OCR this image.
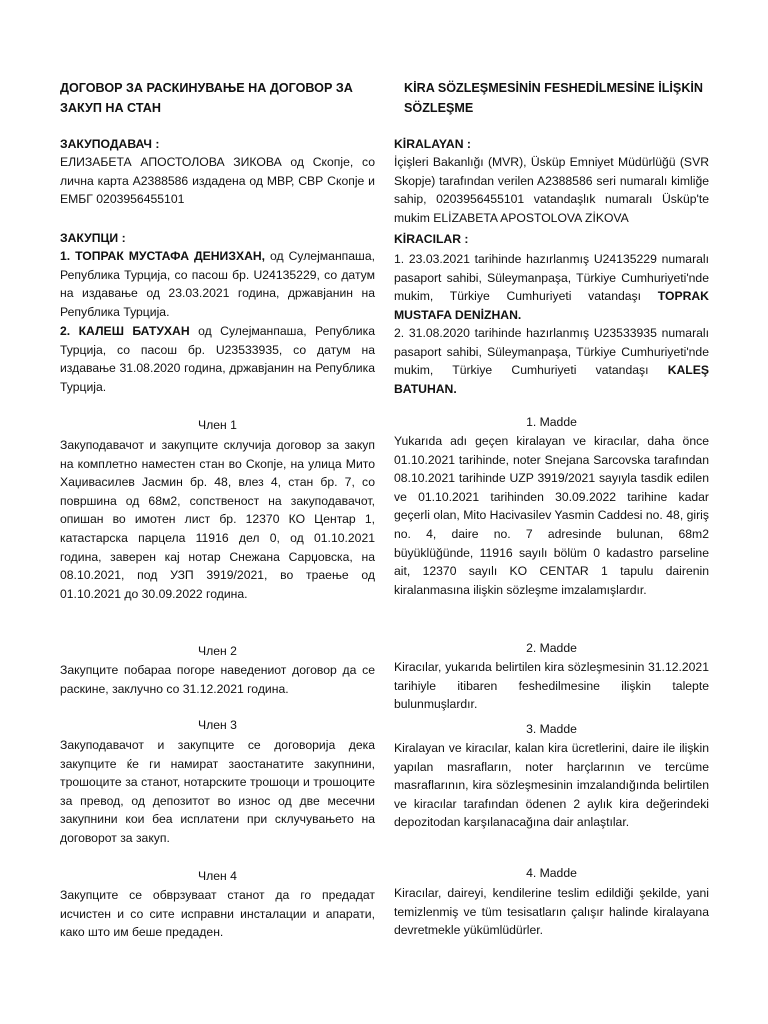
ДОГОВОР ЗА РАСКИНУВАЊЕ НА ДОГОВОР ЗА ЗАКУП НА СТАН
ЗАКУПОДАВАЧ :
ЕЛИЗАБЕТА АПОСТОЛОВА ЗИКОВА од Скопје, со лична карта A2388586 издадена од МВР, СВР Скопје и ЕМБГ 0203956455101
ЗАКУПЦИ :
1. ТОПРАК МУСТАФА ДЕНИЗХАН, од Сулејманпаша, Република Турција, со пасош бр. U24135229, со датум на издавање од 23.03.2021 година, државјанин на Република Турција.
2. КАЛЕШ БАТУХАН од Сулејманпаша, Република Турција, со пасош бр. U23533935, со датум на издавање 31.08.2020 година, државјанин на Република Турција.
Член 1
Закуподавачот и закупците склучија договор за закуп на комплетно наместен стан во Скопје, на улица Мито Хаџивасилев Јасмин бр. 48, влез 4, стан бр. 7, со површина од 68м2, сопственост на закуподавачот, опишан во имотен лист бр. 12370 КО Центар 1, катастарска парцела 11916 дел 0, од 01.10.2021 година, заверен кај нотар Снежана Сарџовска, на 08.10.2021, под УЗП 3919/2021, во траење од 01.10.2021 до 30.09.2022 година.
Член 2
Закупците побараа погоре наведениот договор да се раскине, заклучно со 31.12.2021 година.
Член 3
Закуподавачот и закупците се договорија дека закупците ќе ги намират заостанатите закупнини, трошоците за станот, нотарските трошоци и трошоците за превод, од депозитот во износ од две месечни закупнини кои беа исплатени при склучувањето на договорот за закуп.
Член 4
Закупците се обврзуваат станот да го предадат исчистен и со сите исправни инсталации и апарати, како што им беше предаден.
KİRA SÖZLEŞMESİNİN FESHEDİLMESİNE İLİŞKİN SÖZLEŞME
KİRALAYAN :
İçişleri Bakanlığı (MVR), Üsküp Emniyet Müdürlüğü (SVR Skopje) tarafından verilen A2388586 seri numaralı kimliğe sahip, 0203956455101 vatandaşlık numaralı Üsküp'te mukim ELİZABETA APOSTOLOVA ZİKOVA
KİRACILAR :
1. 23.03.2021 tarihinde hazırlanmış U24135229 numaralı pasaport sahibi, Süleymanpaşa, Türkiye Cumhuriyeti'nde mukim, Türkiye Cumhuriyeti vatandaşı TOPRAK MUSTAFA DENİZHAN.
2. 31.08.2020 tarihinde hazırlanmış U23533935 numaralı pasaport sahibi, Süleymanpaşa, Türkiye Cumhuriyeti'nde mukim, Türkiye Cumhuriyeti vatandaşı KALEŞ BATUHAN.
1. Madde
Yukarıda adı geçen kiralayan ve kiracılar, daha önce 01.10.2021 tarihinde, noter Snejana Sarcovska tarafından 08.10.2021 tarihinde UZP 3919/2021 sayıyla tasdik edilen ve 01.10.2021 tarihinden 30.09.2022 tarihine kadar geçerli olan, Mito Hacivasilev Yasmin Caddesi no. 48, giriş no. 4, daire no. 7 adresinde bulunan, 68m2 büyüklüğünde, 11916 sayılı bölüm 0 kadastro parseline ait, 12370 sayılı KO CENTAR 1 tapulu dairenin kiralanmasına ilişkin sözleşme imzalamışlardır.
2. Madde
Kiracılar, yukarıda belirtilen kira sözleşmesinin 31.12.2021 tarihiyle itibaren feshedilmesine ilişkin talepte bulunmuşlardır.
3. Madde
Kiralayan ve kiracılar, kalan kira ücretlerini, daire ile ilişkin yapılan masrafların, noter harçlarının ve tercüme masraflarının, kira sözleşmesinin imzalandığında belirtilen ve kiracılar tarafından ödenen 2 aylık kira değerindeki depozitodan karşılanacağına dair anlaştılar.
4. Madde
Kiracılar, daireyi, kendilerine teslim edildiği şekilde, yani temizlenmiş ve tüm tesisatların çalışır halinde kiralayana devretmekle yükümlüdürler.
